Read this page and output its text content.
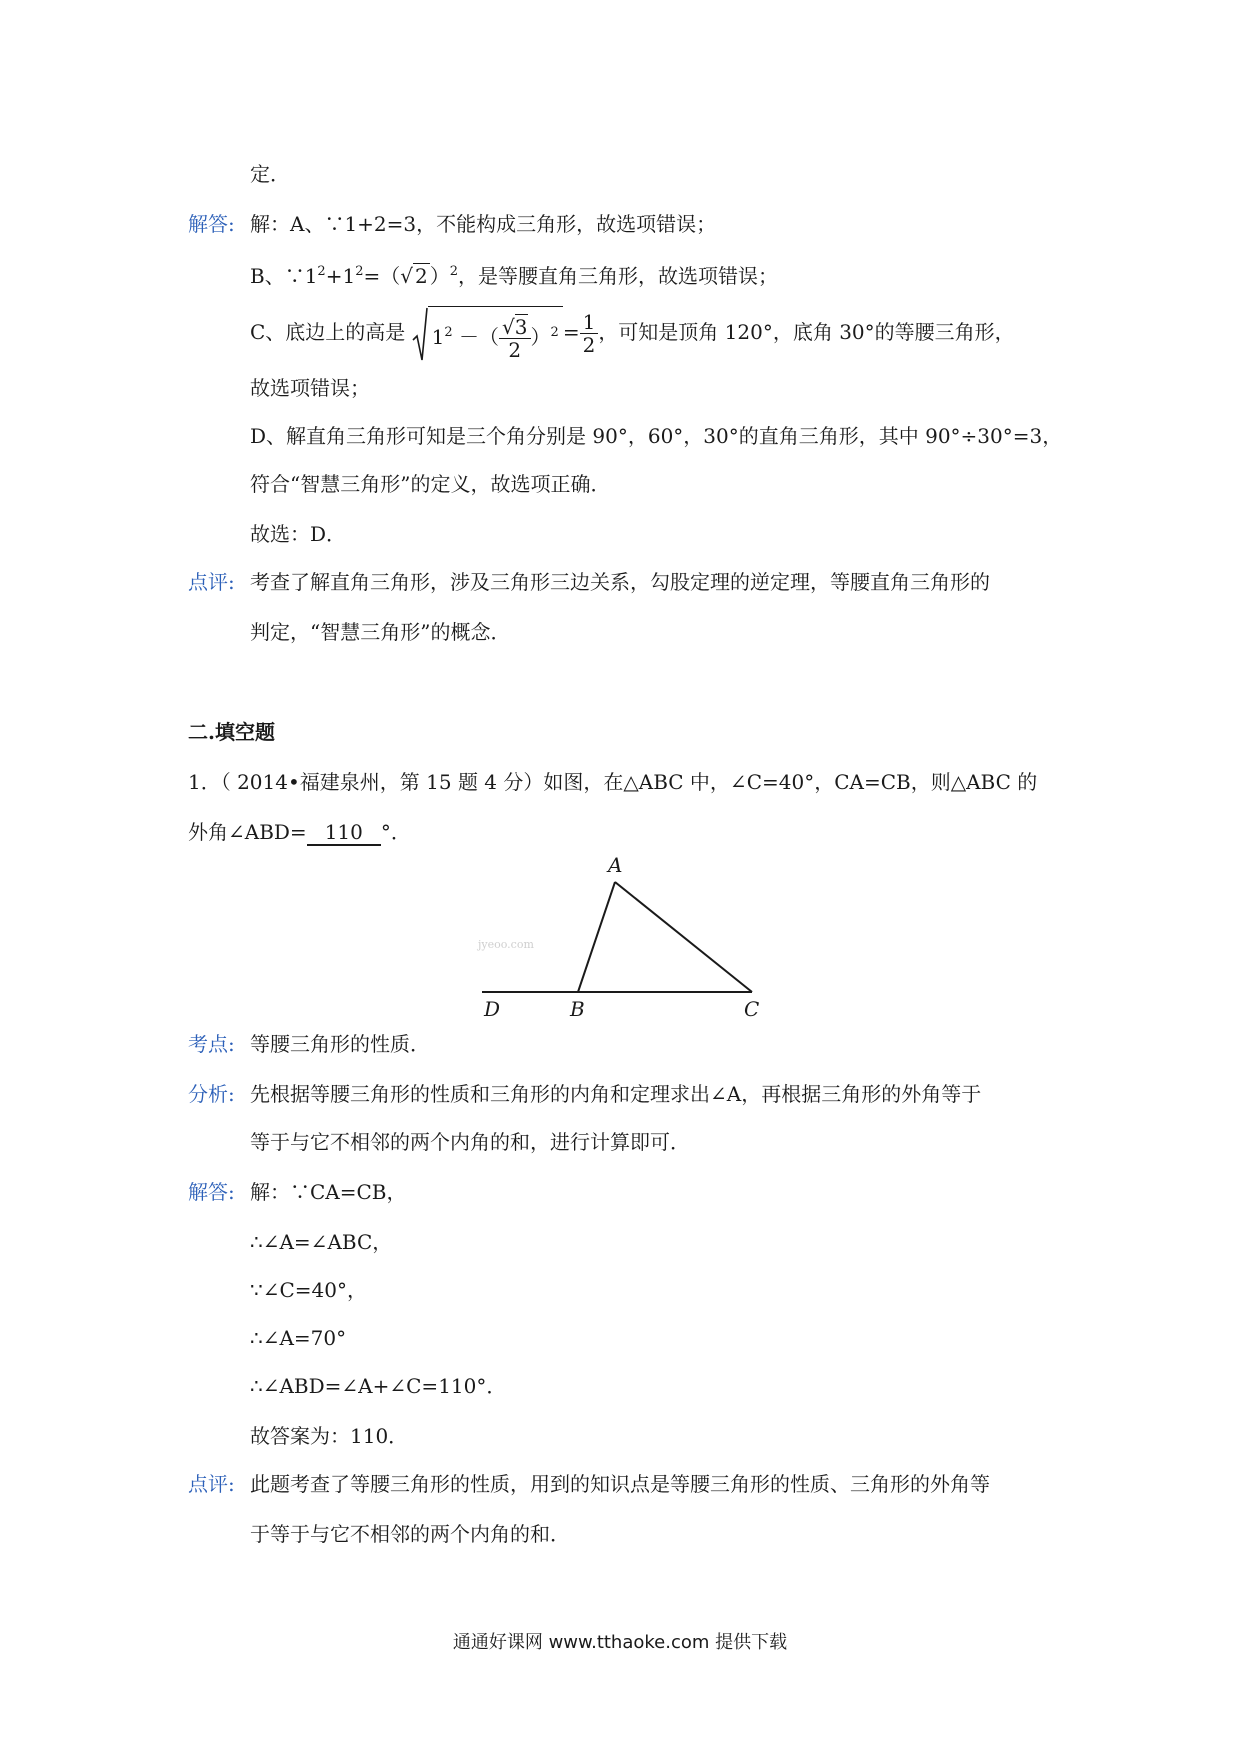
定．
解答: 解：A、∵1+2=3，不能构成三角形，故选项错误；
B、$\because 1^2+1^2=(√$ 2 ）$^2$，是等腰直角三角形，故选项错误；
C、底边上的高是 $1^2$ －（ $\frac{√3}{2} )^2 = \frac{1}{2}$ ，可知是顶角 120°，底角 30°的等腰三角形，
故选项错误；
D、解直角三角形可知是三个角分别是 90°，60°，30°的直角三角形，其中 90°÷30°=3，
符合“智慧三角形”的定义，故选项正确．
故选：D．
点评: 考查了解直角三角形，涉及三角形三边关系，勾股定理的逆定理，等腰直角三角形的
判定，“智慧三角形”的概念．
二.填空题
1．（ 2014•福建泉州，第 15 题 4 分）如图，在△ABC 中，∠C=40°，CA=CB，则△ABC 的
外角∠ABD= 110 °．
jyeoo.com
A
B	C
D
考点: 等腰三角形的性质．
分析: 先根据等腰三角形的性质和三角形的内角和定理求出∠A，再根据三角形的外角等于
等于与它不相邻的两个内角的和，进行计算即可．
解答: 解：∵CA=CB，
∴∠A=∠ABC，
∵∠C=40°，
∴∠A=70°
∴∠ABD=∠A+∠C=110°．
故答案为：110．
点评: 此题考查了等腰三角形的性质，用到的知识点是等腰三角形的性质、三角形的外角等
于等于与它不相邻的两个内角的和．
通通好课网 www.tthaoke.com 提供下载
